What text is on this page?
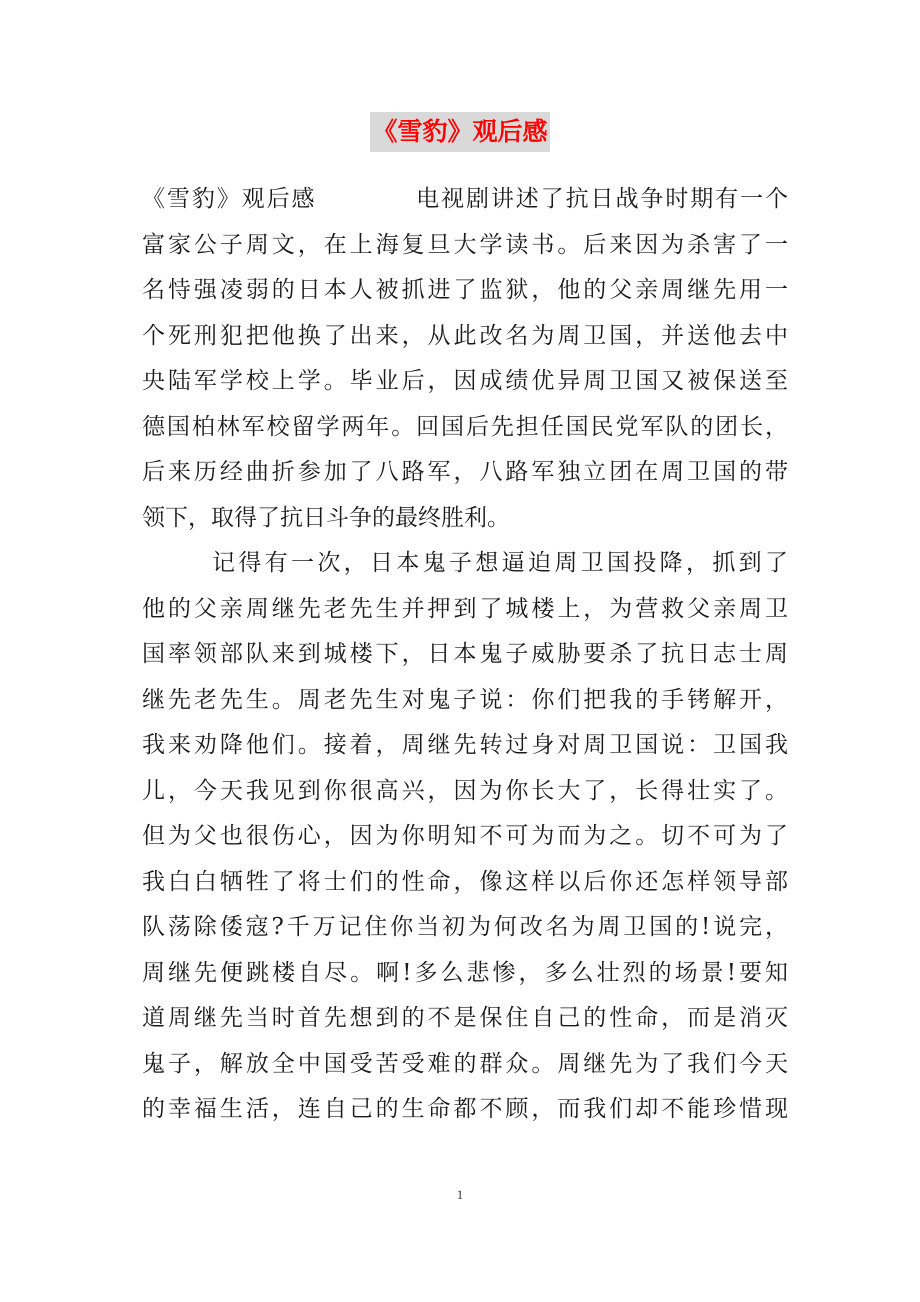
《雪豹》观后感
《雪豹》观后感　　　　电视剧讲述了抗日战争时期有一个
富家公子周文，在上海复旦大学读书。后来因为杀害了一
名恃强凌弱的日本人被抓进了监狱，他的父亲周继先用一
个死刑犯把他换了出来，从此改名为周卫国，并送他去中
央陆军学校上学。毕业后，因成绩优异周卫国又被保送至
德国柏林军校留学两年。回国后先担任国民党军队的团长，
后来历经曲折参加了八路军，八路军独立团在周卫国的带
领下，取得了抗日斗争的最终胜利。
记得有一次，日本鬼子想逼迫周卫国投降，抓到了
他的父亲周继先老先生并押到了城楼上，为营救父亲周卫
国率领部队来到城楼下，日本鬼子威胁要杀了抗日志士周
继先老先生。周老先生对鬼子说：你们把我的手铐解开，
我来劝降他们。接着，周继先转过身对周卫国说：卫国我
儿，今天我见到你很高兴，因为你长大了，长得壮实了。
但为父也很伤心，因为你明知不可为而为之。切不可为了
我白白牺牲了将士们的性命，像这样以后你还怎样领导部
队荡除倭寇?千万记住你当初为何改名为周卫国的!说完，
周继先便跳楼自尽。啊!多么悲惨，多么壮烈的场景!要知
道周继先当时首先想到的不是保住自己的性命，而是消灭
鬼子，解放全中国受苦受难的群众。周继先为了我们今天
的幸福生活，连自己的生命都不顾，而我们却不能珍惜现
1
